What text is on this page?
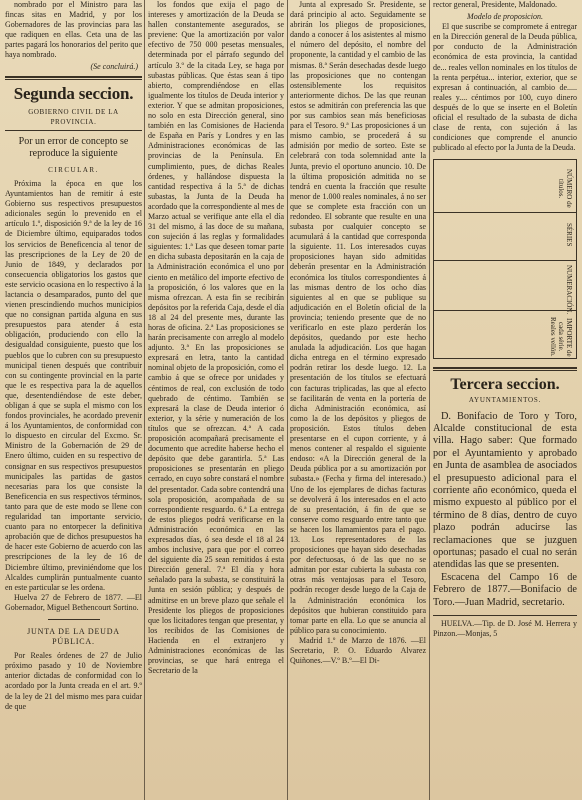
nombrado por el Ministro para las fincas sitas en Madrid, y por los Gobernadores de las provincias para las que radiquen en ellas. Ceta una de las partes pagará los honorarios del perito que haya nombrado.

(Se concluirá.)

Segunda seccion.
GOBIERNO CIVIL DE LA PROVINCIA.
Por un error de concepto se reproduce la siguiente
CIRCULAR.

Próxima la época en que los Ayuntamientos han de remitir á este Gobierno sus respectivos presupuestos adicionales según lo prevenido en el artículo 1.º, disposición 9.ª de la ley de 16 de Diciembre último, equiparados todos los servicios de Beneficencia al tenor de las prescripciones de la Ley de 20 de Junio de 1849, y declarados por consecuencia obligatorios los gastos que este servicio ocasiona en lo respectivo á la lactancia o desamparados, punto del que vienen prescindiendo muchos municipios que no consignan partida alguna en sus presupuestos para atender á esta obligación, produciendo con ello la desigualdad consiguiente, puesto que los pueblos que lo cubren con su presupuesto municipal tienen después que contribuir con su contingente provincial en la parte que le es respectiva para la de aquellos que, desentendiéndose de este deber, obligan á que se supla el mismo con los fondos provinciales, he acordado prevenir á los Ayuntamientos, de conformidad con lo dispuesto en circular del Excmo. Sr. Ministro de la Gobernación de 29 de Enero último, cuiden en su respectivo de consignar en sus respectivos presupuestos municipales las partidas de gastos necesarias para los que consiste la Beneficencia en sus respectivos términos, tanto para que de este modo se llene con regularidad tan importante servicio, cuanto para no entorpecer la definitiva aprobación que de dichos presupuestos ha de hacer este Gobierno de acuerdo con las prescripciones de la ley de 16 de Diciembre último, previniéndome que los Alcaldes cumplirán puntualmente cuanto en este particular se les ordena.

Huelva 27 de Febrero de 1877. —El Gobernador, Miguel Bethencourt Sortino.

JUNTA DE LA DEUDA PÚBLICA.

Por Reales órdenes de 27 de Julio próximo pasado y 10 de Noviembre anterior dictadas de conformidad con lo acordado por la Junta creada en el art. 9.º de la ley de 21 del mismo mes para cuidar de que

los fondos que exija el pago de intereses y amortización de la Deuda se hallen constantemente asegurados, se previene: Que la amortización por valor efectivo de 750 000 pesetas mensuales, determinada por el párrafo segundo del artículo 3.º de la citada Ley, se haga por subastas públicas. Que éstas sean á tipo abierto, comprendiéndose en ellas igualmente los títulos de Deuda interior y exterior. Y que se admitan proposiciones, no solo en esta Dirección general, sino también en las Comisiones de Hacienda de España en París y Londres y en las Administraciones económicas de las provincias de la Península. En cumplimiento, pues, de dichas Reales órdenes, y hallándose dispuesta la cantidad respectiva á la 5.ª de dichas subastas, la Junta de la Deuda ha acordado que la correspondiente al mes de Marzo actual se verifique ante ella el día 31 del mismo, á las doce de su mañana, con sujeción á las reglas y formalidades siguientes: 1.ª Las que deseen tomar parte en dicha subasta depositarán en la caja de la Administración económica el uno por ciento en metálico del importe efectivo de la proposición, ó los valores que en la misma ofrezcan. A esta fin se recibirán depósitos por la referida Caja, desde el día 18 al 24 del presente mes, durante las horas de oficina. 2.ª Las proposiciones se harán precisamente con arreglo al modelo adjunto. 3.ª En las proposiciones se expresará en letra, tanto la cantidad nominal objeto de la proposición, como el cambio á que se ofrece por unidades y céntimos de real, con exclusión de todo quebrado de céntimo. También se expresará la clase de Deuda interior ó exterior, y la série y numeración de los títulos que se ofrezcan. 4.ª A cada proposición acompañará precisamente el documento que acredite haberse hecho el depósito que debe garantirla. 5.ª Las proposiciones se presentarán en pliego cerrado, en cuyo sobre constará el nombre del presentador. Cada sobre contendrá una sola proposición, acompañada de su correspondiente resguardo. 6.ª La entrega de estos pliegos podrá verificarse en la Administración económica en las expresados días, ó sea desde el 18 al 24 ambos inclusive, para que por el correo del siguiente día 25 sean remitidos á esta Dirección general. 7.ª El día y hora señalado para la subasta, se constituirá la Junta en sesión pública; y después de admitirse en un breve plazo que señale el Presidente los pliegos de proposiciones que los licitadores tengan que presentar, y los recibidos de las Comisiones de Hacienda en el extranjero y Administraciones económicas de las provincias, se que hará entrega el Secretario de la

Junta al expresado Sr. Presidente, se dará principio al acto. Seguidamente se abrirán los pliegos de proposiciones, dando a conocer á los asistentes al mismo el número del depósito, el nombre del proponente, la cantidad y el cambio de las mismas. 8.ª Serán desechadas desde luego las proposiciones que no contengan ostensiblemente los requisitos anteriormente dichos. De las que reunan estos se admitirán con preferencia las que por sus cambios sean más beneficiosas para el Tesoro. 9.ª Las proposiciones á un mismo cambio, se procederá á su admisión por medio de sorteo. Este se celebrará con toda solemnidad ante la Junta, previo el oportuno anuncio. 10. De la última proposición admitida no se tendrá en cuenta la fracción que resulte menor de 1.000 reales nominales, á no ser que se complete esta fracción con un redondeo. El sobrante que resulte en una subasta por cualquier concepto se acumulará á la cantidad que corresponda la siguiente. 11. Los interesados cuyas proposiciones hayan sido admitidas deberán presentar en la Administración económica los títulos correspondientes á las mismas dentro de los ocho días siguientes al en que se publique su adjudicación en el Boletín oficial de la provincia; teniendo presente que de no verificarlo en este plazo perderán los depósitos, quedando por este hecho anulada la adjudicación. Los que hagan dicha entrega en el término expresado podrán retirar los desde luego. 12. La presentación de los títulos se efectuará con facturas triplicadas, las que al efecto se facilitarán de venta en la portería de dicha Administración económica, así como la de los depósitos y pliegos de proposición. Estos títulos deben presentarse en el cupon corriente, y á menos contener al respaldo el siguiente endoso: «A la Dirección general de la Deuda pública por a su amortización por subasta.» (Fecha y firma del interesado.) Uno de los ejemplares de dichas facturas se devolverá á los interesados en el acto de su presentación, á fin de que se conserve como resguardo entre tanto que se hacen los llamamientos para el pago. 13. Los representadores de las proposiciones que hayan sido desechadas por defectuosas, ó de las que no se admitan por estar cubierta la subasta con otras más ventajosas para el Tesoro, podrán recoger desde luego de la Caja de la Administración económica los depósitos que hubieran constituido para tomar parte en ella. Lo que se anuncia al público para su conocimiento.

Madrid 1.º de Marzo de 1876. —El Secretario, P. O. Eduardo Alvarez Quiñones.—V.º B.º—El Di-

rector general, Presidente, Maldonado.

Modelo de proposicion.

El que suscribe se compromete á entregar en la Dirección general de la Deuda pública, por conducto de la Administración económica de esta provincia, la cantidad de... reales vellon nominales en los títulos de la renta perpétua... interior, exterior, que se expresan á continuación, al cambio de..... reales y.... céntimos por 100, cuyo dinero después de lo que se inserte en el Boletín oficial el resultado de la subasta de dicha clase de renta, con sujeción á las condiciones que comprende el anuncio publicado al efecto por la Junta de la Deuda.

NÚMERO de títulos.
SÉRIES
NUMERACIÓN.
IMPORTE de cada série. Reales vellón.
Tercera seccion.
AYUNTAMIENTOS.

D. Bonifacio de Toro y Toro, Alcalde constitucional de esta villa. Hago saber: Que formado por el Ayuntamiento y aprobado en Junta de asamblea de asociados el presupuesto adicional para el corriente año económico, queda el mismo expuesto al público por el término de 8 días, dentro de cuyo plazo podrán aducirse las reclamaciones que se juzguen oportunas; pasado el cual no serán atendidas las que se presenten.

Escacena del Campo 16 de Febrero de 1877.—Bonifacio de Toro.—Juan Madrid, secretario.

HUELVA.—Tip. de D. José M. Herrera y Pinzon.—Monjas, 5
